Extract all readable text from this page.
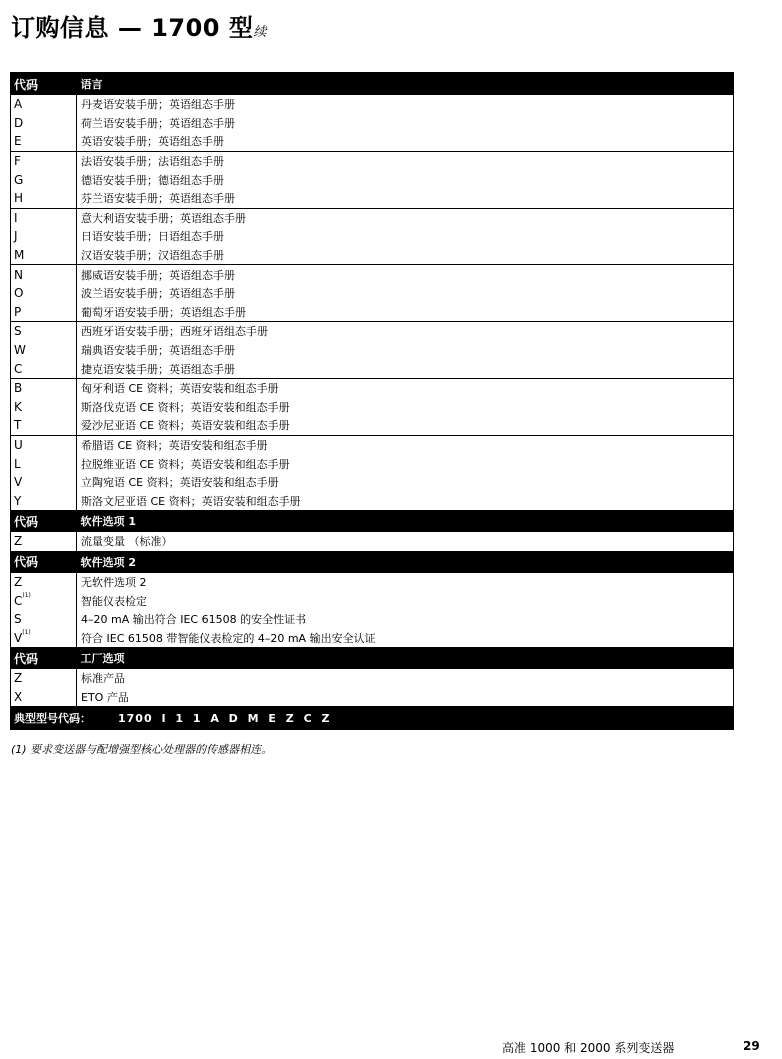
订购信息 — 1700 型续
代码	语言
A	丹麦语安装手册；英语组态手册
D	荷兰语安装手册；英语组态手册
E	英语安装手册；英语组态手册
F	法语安装手册；法语组态手册
G	德语安装手册；德语组态手册
H	芬兰语安装手册；英语组态手册
I	意大利语安装手册；英语组态手册
J	日语安装手册；日语组态手册
M	汉语安装手册；汉语组态手册
N	挪威语安装手册；英语组态手册
O	波兰语安装手册；英语组态手册
P	葡萄牙语安装手册；英语组态手册
S	西班牙语安装手册；西班牙语组态手册
W	瑞典语安装手册；英语组态手册
C	捷克语安装手册；英语组态手册
B	匈牙利语 CE 资料；英语安装和组态手册
K	斯洛伐克语 CE 资料；英语安装和组态手册
T	爱沙尼亚语 CE 资料；英语安装和组态手册
U	希腊语 CE 资料；英语安装和组态手册
L	拉脱维亚语 CE 资料；英语安装和组态手册
V	立陶宛语 CE 资料；英语安装和组态手册
Y	斯洛文尼亚语 CE 资料；英语安装和组态手册
代码	软件选项 1
Z	流量变量 （标准）
代码	软件选项 2
Z	无软件选项 2
$C^{(1)}$	智能仪表检定
S	4–20 mA 输出符合 IEC 61508 的安全性证书
$V^{(1)}$	符合 IEC 61508 带智能仪表检定的 4–20 mA 输出安全认证
代码	工厂选项
Z	标准产品
X	ETO 产品
典型型号代码： 1700 I 1 1 A D M E Z C Z	
(1) 要求变送器与配增强型核心处理器的传感器相连。
高准 1000 和 2000 系列变送器	29
